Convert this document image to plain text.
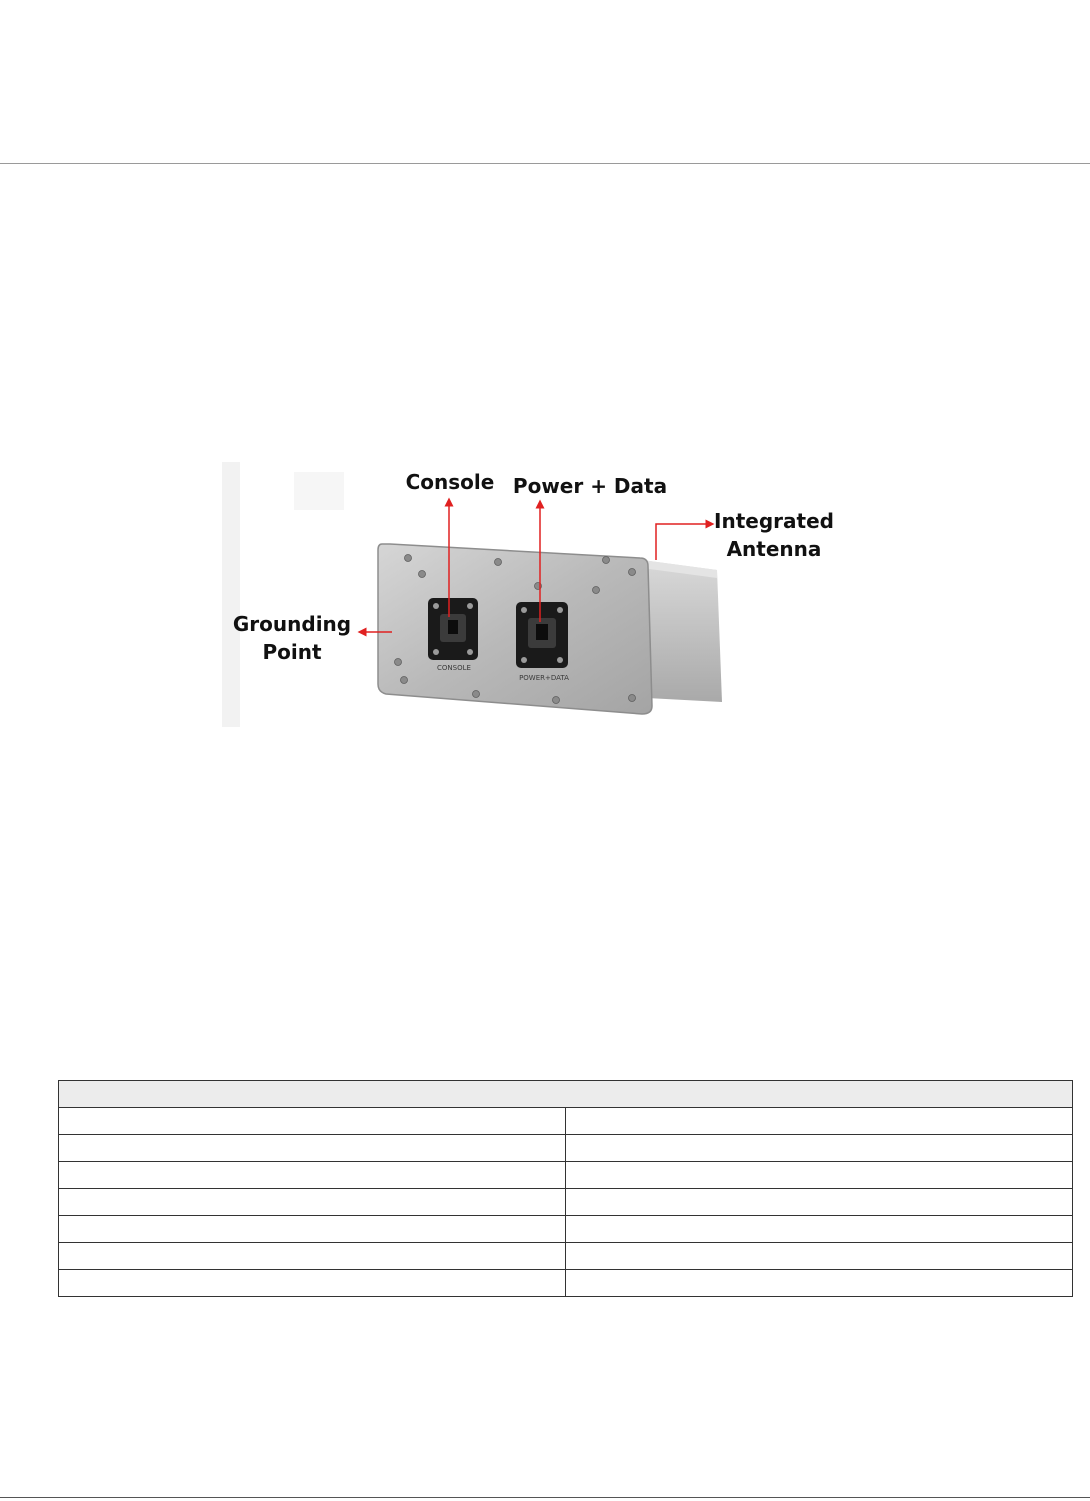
CONSOLE
POWER+DATA
Console Power + Data
Integrated
Antenna
Grounding
Point
